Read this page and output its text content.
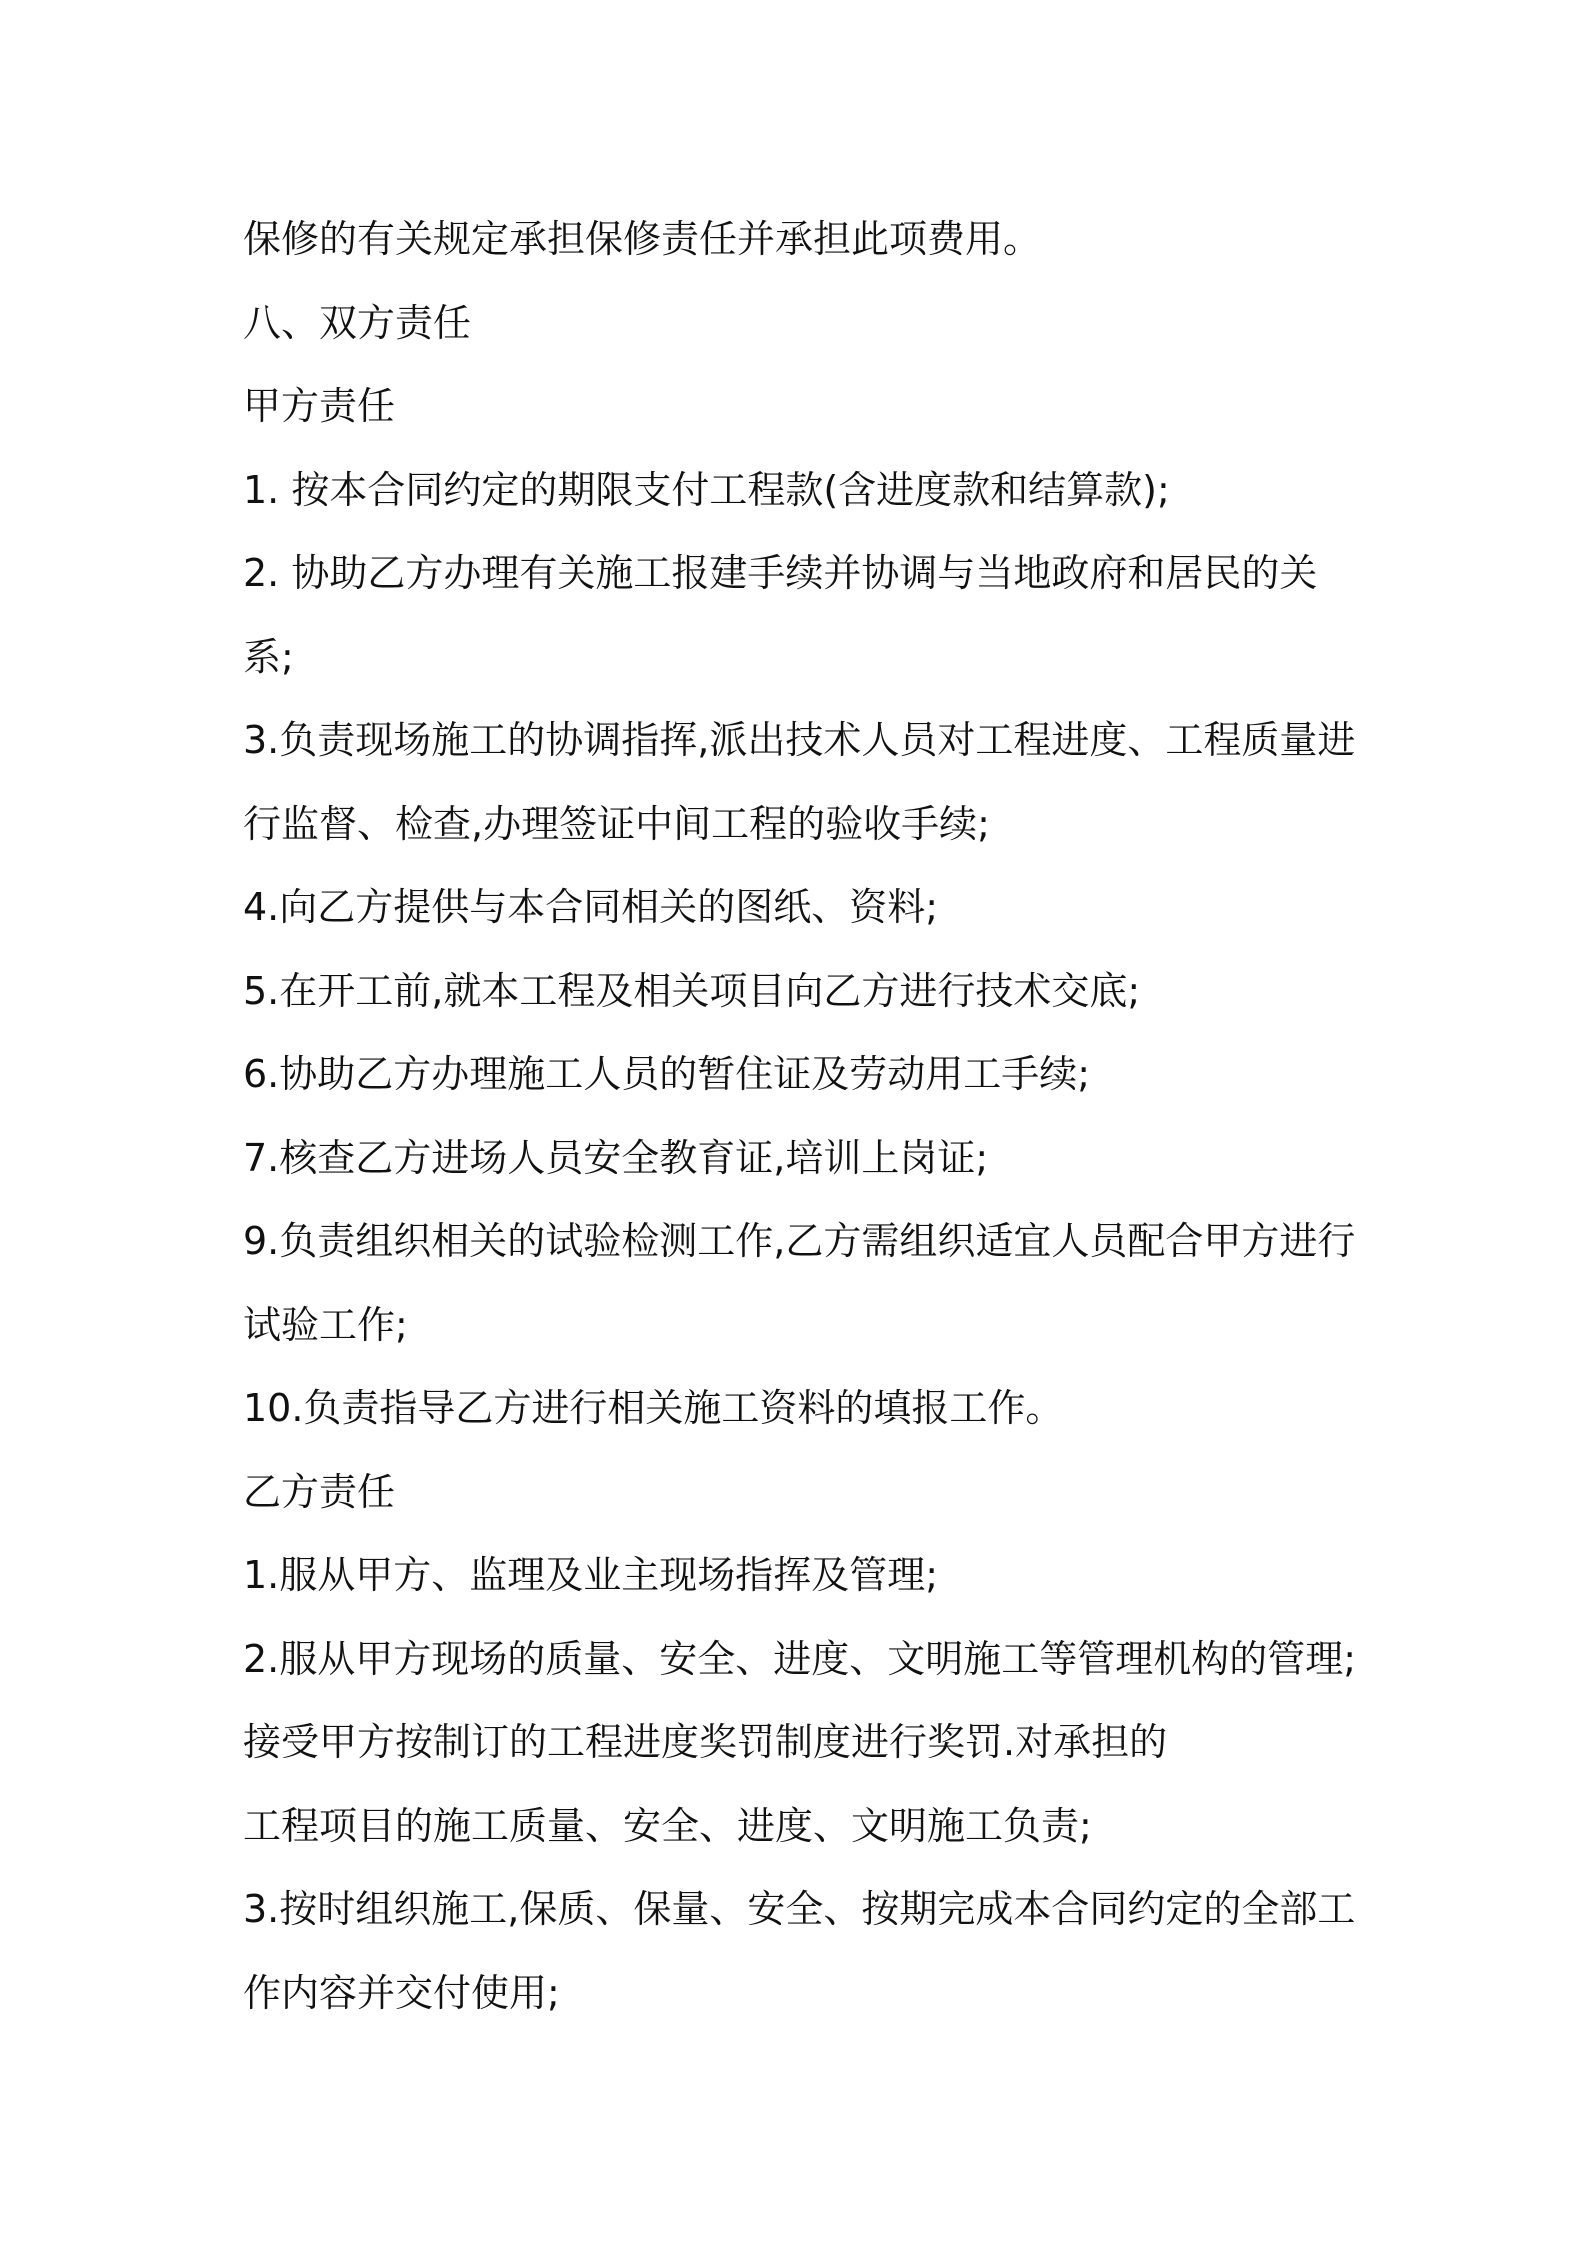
保修的有关规定承担保修责任并承担此项费用。

八、双方责任

甲方责任

1. 按本合同约定的期限支付工程款(含进度款和结算款);

2. 协助乙方办理有关施工报建手续并协调与当地政府和居民的关

系;

3.负责现场施工的协调指挥,派出技术人员对工程进度、工程质量进

行监督、检查,办理签证中间工程的验收手续;

4.向乙方提供与本合同相关的图纸、资料;

5.在开工前,就本工程及相关项目向乙方进行技术交底;

6.协助乙方办理施工人员的暂住证及劳动用工手续;

7.核查乙方进场人员安全教育证,培训上岗证;

9.负责组织相关的试验检测工作,乙方需组织适宜人员配合甲方进行

试验工作;

10.负责指导乙方进行相关施工资料的填报工作。

乙方责任

1.服从甲方、监理及业主现场指挥及管理;

2.服从甲方现场的质量、安全、进度、文明施工等管理机构的管理;

接受甲方按制订的工程进度奖罚制度进行奖罚.对承担的

工程项目的施工质量、安全、进度、文明施工负责;

3.按时组织施工,保质、保量、安全、按期完成本合同约定的全部工

作内容并交付使用;
